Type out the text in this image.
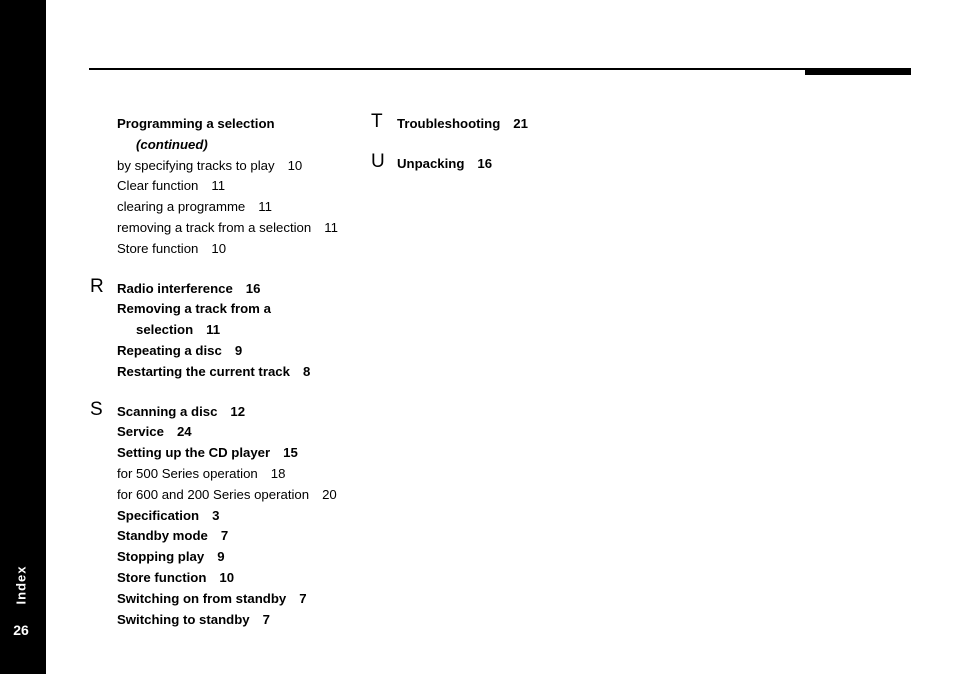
Index
26
Programming a selection
(continued)
by specifying tracks to play 10
Clear function 11
clearing a programme 11
removing a track from a selection 11
Store function 10
R Radio interference 16
Removing a track from a
selection 11
Repeating a disc 9
Restarting the current track 8
S Scanning a disc 12
Service 24
Setting up the CD player 15
for 500 Series operation 18
for 600 and 200 Series operation 20
Specification 3
Standby mode 7
Stopping play 9
Store function 10
Switching on from standby 7
Switching to standby 7
T Troubleshooting 21
U Unpacking 16
